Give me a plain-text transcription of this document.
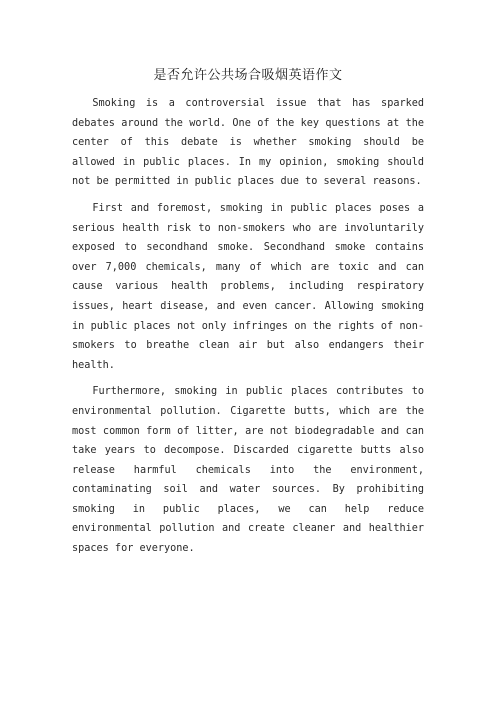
是否允许公共场合吸烟英语作文

Smoking is a controversial issue that has sparked debates around the world. One of the key questions at the center of this debate is whether smoking should be allowed in public places. In my opinion, smoking should not be permitted in public places due to several reasons.

First and foremost, smoking in public places poses a serious health risk to non-smokers who are involuntarily exposed to secondhand smoke. Secondhand smoke contains over 7,000 chemicals, many of which are toxic and can cause various health problems, including respiratory issues, heart disease, and even cancer. Allowing smoking in public places not only infringes on the rights of non-smokers to breathe clean air but also endangers their health.

Furthermore, smoking in public places contributes to environmental pollution. Cigarette butts, which are the most common form of litter, are not biodegradable and can take years to decompose. Discarded cigarette butts also release harmful chemicals into the environment, contaminating soil and water sources. By prohibiting smoking in public places, we can help reduce environmental pollution and create cleaner and healthier spaces for everyone.
